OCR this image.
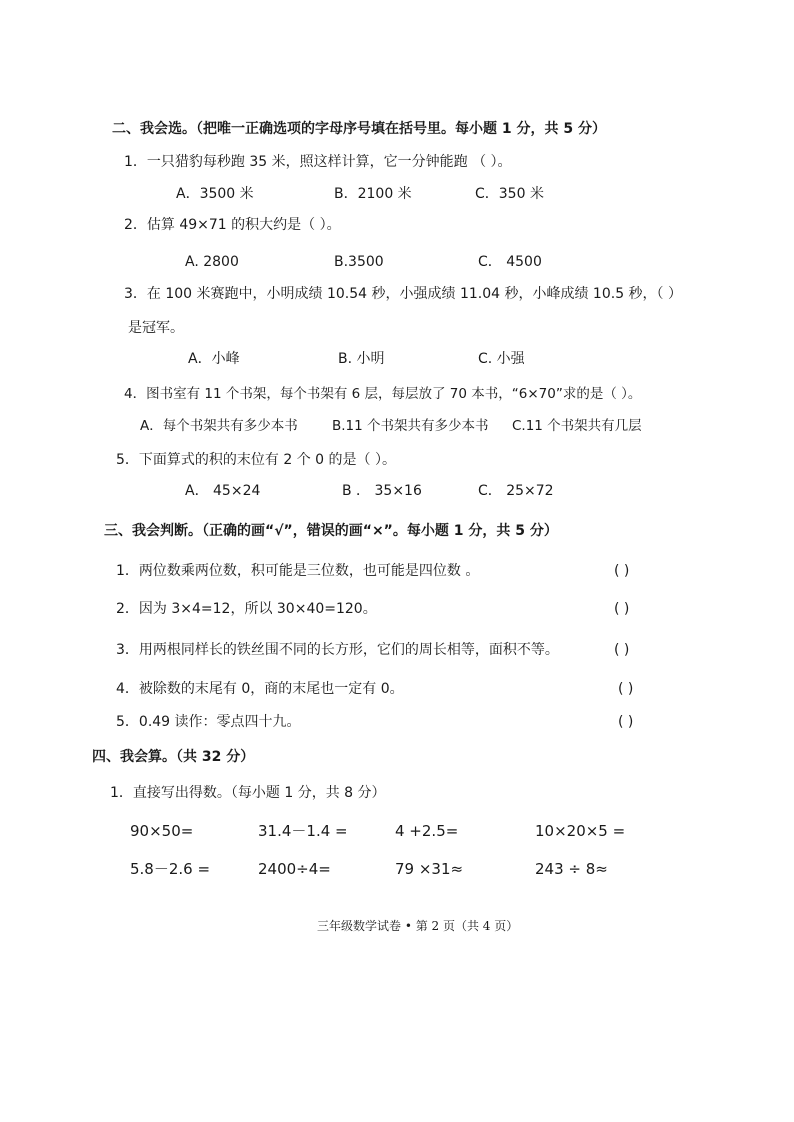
二、我会选。（把唯一正确选项的字母序号填在括号里。每小题 1 分，共 5 分）
1．一只猎豹每秒跑 35 米，照这样计算，它一分钟能跑 （ ）。
A．3500 米	B．2100 米	C．350 米
2．估算 49×71 的积大约是（ ）。
A. 2800	B.3500	C． 4500
3．在 100 米赛跑中，小明成绩 10.54 秒，小强成绩 11.04 秒，小峰成绩 10.5 秒，（ ）
是冠军。
A．小峰	B. 小明	C. 小强
4．图书室有 11 个书架，每个书架有 6 层，每层放了 70 本书，“6×70”求的是（ ）。
A．每个书架共有多少本书	B.11 个书架共有多少本书 C.11 个书架共有几层
5．下面算式的积的末位有 2 个 0 的是（ ）。
A． 45×24	B ． 35×16	C． 25×72
三、我会判断。（正确的画“√”，错误的画“×”。每小题 1 分，共 5 分）
1．两位数乘两位数，积可能是三位数，也可能是四位数 。	( )
2．因为 3×4=12，所以 30×40=120。	( )
3．用两根同样长的铁丝围不同的长方形，它们的周长相等，面积不等。	( )
4．被除数的末尾有 0，商的末尾也一定有 0。	( )
5．0.49 读作：零点四十九。	( )
四、我会算。（共 32 分）
1．直接写出得数。（每小题 1 分，共 8 分）
90×50=	31.4－1.4 =	4 +2.5=	10×20×5 =
5.8－2.6 =	2400÷4=	79 ×31≈	243 ÷ 8≈
三年级数学试卷 • 第 2 页（共 4 页）
